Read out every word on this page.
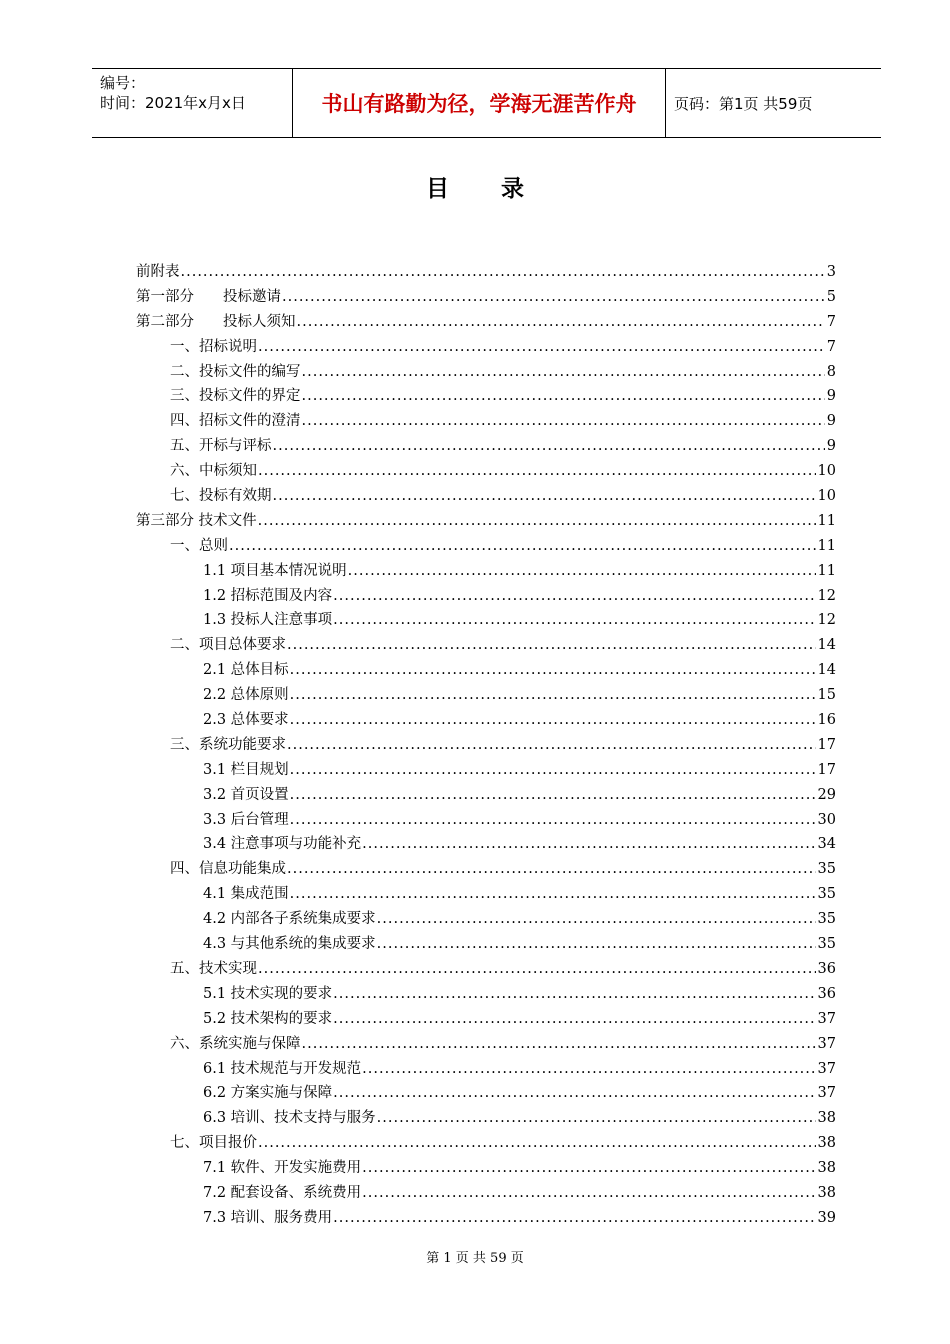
编号：
时间：2021年x月x日	书山有路勤为径，学海无涯苦作舟	页码：第1页 共59页
目 录
前附表 .....	3
第一部分　　投标邀请 .....	5
第二部分　　投标人须知 .....	7
一、招标说明 .....	7
二、投标文件的编写 .....	8
三、投标文件的界定 .....	9
四、招标文件的澄清 .....	9
五、开标与评标 .....	9
六、中标须知 .....	10
七、投标有效期 .....	10
第三部分 技术文件 .....	11
一、总则 .....	11
1.1 项目基本情况说明 .....	11
1.2 招标范围及内容 .....	12
1.3 投标人注意事项 .....	12
二、项目总体要求 .....	14
2.1 总体目标 .....	14
2.2 总体原则 .....	15
2.3 总体要求 .....	16
三、系统功能要求 .....	17
3.1 栏目规划 .....	17
3.2 首页设置 .....	29
3.3 后台管理 .....	30
3.4 注意事项与功能补充 .....	34
四、信息功能集成 .....	35
4.1 集成范围 .....	35
4.2 内部各子系统集成要求 .....	35
4.3 与其他系统的集成要求 .....	35
五、技术实现 .....	36
5.1 技术实现的要求 .....	36
5.2 技术架构的要求 .....	37
六、系统实施与保障 .....	37
6.1 技术规范与开发规范 .....	37
6.2 方案实施与保障 .....	37
6.3 培训、技术支持与服务 .....	38
七、项目报价 .....	38
7.1 软件、开发实施费用 .....	38
7.2 配套设备、系统费用 .....	38
7.3 培训、服务费用 .....	39
第 1 页 共 59 页
